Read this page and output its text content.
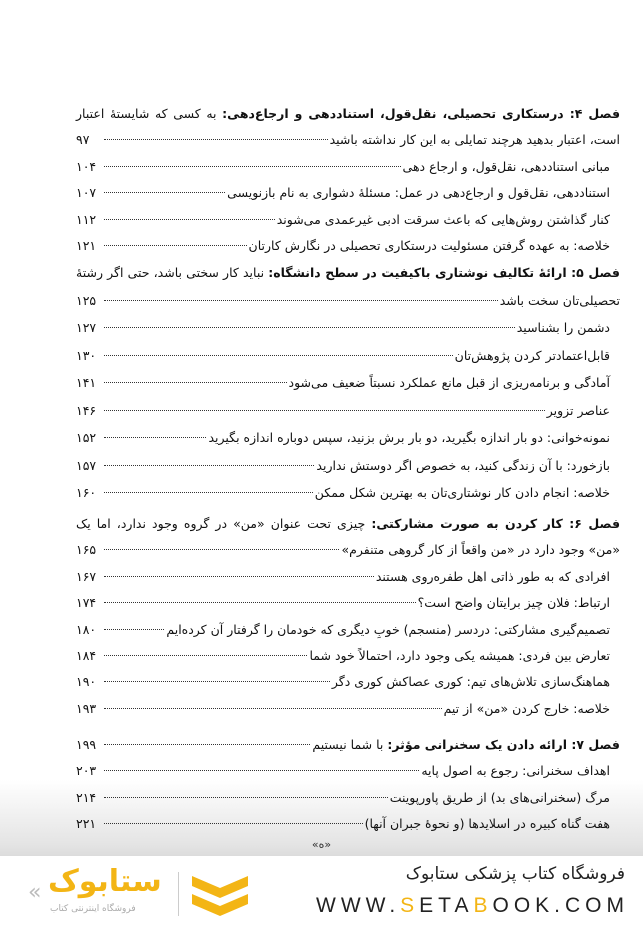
فصل ۴: درستکاری تحصیلی، نقل‌قول، استناددهی و ارجاع‌دهی: به کسی که شایستهٔ اعتبار
است، اعتبار بدهید هرچند تمایلی به این کار نداشته باشید
۹۷
مبانی استناددهی، نقل‌قول، و ارجاع دهی
۱۰۴
استناددهی، نقل‌قول و ارجاع‌دهی در عمل: مسئلهٔ دشواری به نام بازنویسی
۱۰۷
کنار گذاشتن روش‌هایی که باعث سرقت ادبی غیرعمدی می‌شوند
۱۱۲
خلاصه: به عهده گرفتن مسئولیت درستکاری تحصیلی در نگارش کارتان
۱۲۱
فصل ۵: ارائهٔ تکالیف نوشتاری باکیفیت در سطح دانشگاه: نباید کار سختی باشد، حتی اگر رشتهٔ
تحصیلی‌تان سخت باشد
۱۲۵
دشمن را بشناسید
۱۲۷
قابل‌اعتمادتر کردن پژوهش‌تان
۱۳۰
آمادگی و برنامه‌ریزی از قبل مانع عملکرد نسبتاً ضعیف می‌شود
۱۴۱
عناصر تزویر
۱۴۶
نمونه‌خوانی: دو بار اندازه بگیرید، دو بار برش بزنید، سپس دوباره اندازه بگیرید
۱۵۲
بازخورد: با آن زندگی کنید، به خصوص اگر دوستش ندارید
۱۵۷
خلاصه: انجام دادن کار نوشتاری‌تان به بهترین شکل ممکن
۱۶۰
فصل ۶: کار کردن به صورت مشارکتی: چیزی تحت عنوان «من» در گروه وجود ندارد، اما یک
«من» وجود دارد در «من واقعاً از کار گروهی متنفرم»
۱۶۵
افرادی که به طور ذاتی اهل طفره‌روی هستند
۱۶۷
ارتباط: فلان چیز برایتان واضح است؟
۱۷۴
تصمیم‌گیری مشارکتی: دردسر (منسجم) خوبِ دیگری که خودمان را گرفتار آن کرده‌ایم
۱۸۰
تعارض بین فردی: همیشه یکی وجود دارد، احتمالاً خود شما
۱۸۴
هماهنگ‌سازی تلاش‌های تیم: کوری عصاکش کوری دگر
۱۹۰
خلاصه: خارج کردن «من» از تیم
۱۹۳
فصل ۷: ارائه دادن یک سخنرانی مؤثر: با شما نیستیم
۱۹۹
اهداف سخنرانی: رجوع به اصول پایه
۲۰۳
مرگ (سخنرانی‌های بد) از طریق پاورپوینت
۲۱۴
هفت گناه کبیره در اسلایدها (و نحوهٔ جبران آنها)
۲۲۱
«ه»
« ستابوک
فروشگاه اینترنتی کتاب
فروشگاه کتاب پزشکی ستابوک
WWW.SETABOOK.COM
